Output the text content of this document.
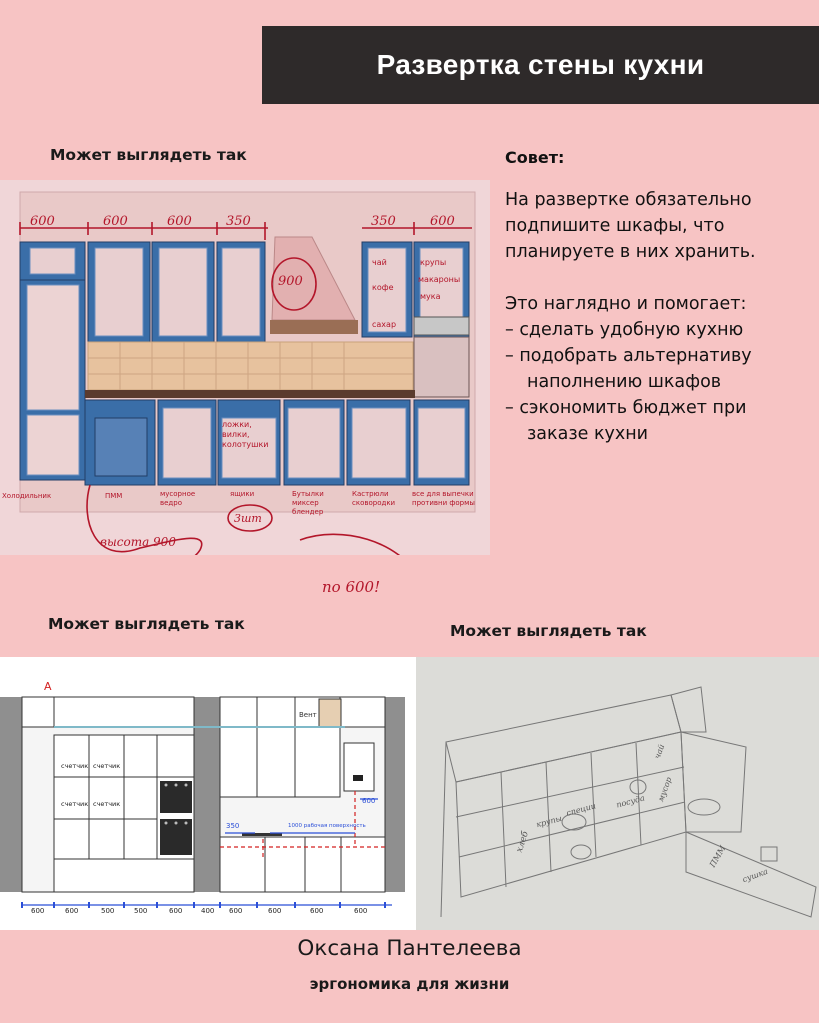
Развертка стены кухни
Может выглядеть так
Может выглядеть так	Может выглядеть так
Совет:

На развертке обязательно

подпишите шкафы, что

планируете в них хранить.

Это наглядно и помогает:

– сделать удобную кухню

– подобрать альтернативу наполнению шкафов

– сэкономить бюджет при заказе кухни

600	600	600	350	350	600
900
чай	крупы
кофе
макароны
мука
сахар
ложки, вилки, колотушки
Холодильник	ПММ	мусорное ведро
ящики	Бутылки миксер блендер
Кастрюли сковородки
все для выпечки противни формы
3шт
высота 900
по 600!
А
Вент
счетчик счетчик
счетчик счетчик
350	1000 рабочая поверхность
600
600	600	500	500	600	400 600	600	600	600
хлеб
крупы
специи посуда
чай
ПММ
сушка
мусор
Оксана Пантелеева
эргономика для жизни
